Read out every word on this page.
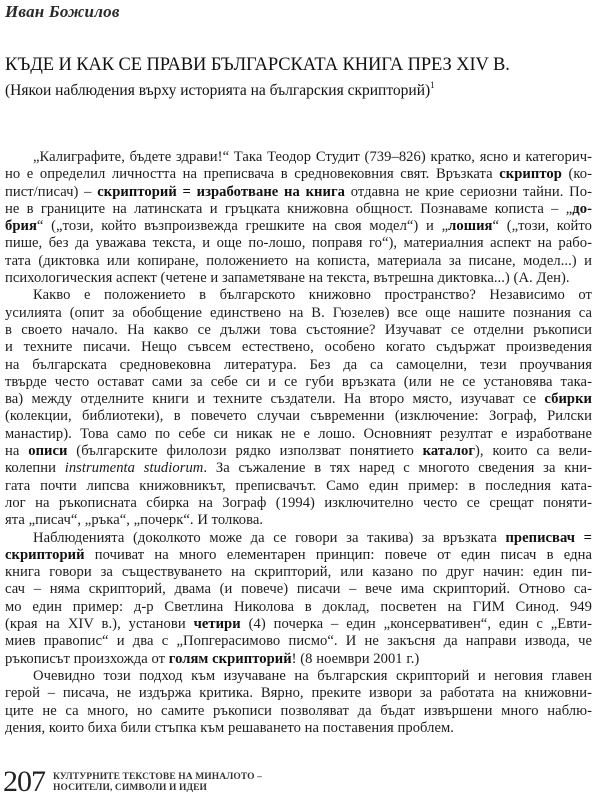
Иван Божилов
КЪДЕ И КАК СЕ ПРАВИ БЪЛГАРСКАТА КНИГА ПРЕЗ XIV В.
(Някои наблюдения върху историята на българския скрипторий)$^1$
„Калиграфите, бъдете здрави!“ Така Теодор Студит (739–826) кратко, ясно и категорич-
но е определил личността на преписвача в средновековния свят. Връзката скриптор (ко-
пист/писач) – скрипторий = изработване на книга отдавна не крие сериозни тайни. По-
не в границите на латинската и гръцката книжовна общност. Познаваме кописта – „до-
брия“ („този, който възпроизвежда грешките на своя модел“) и „лошия“ („този, който
пише, без да уважава текста, и още по-лошо, поправя го“), материалния аспект на рабо-
тата (диктовка или копиране, положението на кописта, материала за писане, модел...) и
психологическия аспект (четене и запаметяване на текста, вътрешна диктовка...) (А. Ден).
Какво е положението в българското книжовно пространство? Независимо от
усилията (опит за обобщение единствено на В. Гюзелев) все още нашите познания са
в своето начало. На какво се дължи това състояние? Изучават се отделни ръкописи
и техните писачи. Нещо съвсем естествено, особено когато съдържат произведения
на българската средновековна литература. Без да са самоцелни, тези проучвания
твърде често остават сами за себе си и се губи връзката (или не се установява така-
ва) между отделните книги и техните създатели. На второ място, изучават се сбирки
(колекции, библиотеки), в повечето случаи съвременни (изключение: Зограф, Рилски
манастир). Това само по себе си никак не е лошо. Основният резултат е изработване
на описи (българските филолози рядко използват понятието каталог), които са вели-
колепни instrumenta studiorum. За съжаление в тях наред с многото сведения за кни-
гата почти липсва книжовникът, преписвачът. Само един пример: в последния ката-
лог на ръкописната сбирка на Зограф (1994) изключително често се срещат поняти-
ята „писач“, „ръка“, „почерк“. И толкова.
Наблюденията (доколкото може да се говори за такива) за връзката преписвач =
скрипторий почиват на много елементарен принцип: повече от един писач в една
книга говори за съществуването на скрипторий, или казано по друг начин: един пи-
сач – няма скрипторий, двама (и повече) писачи – вече има скрипторий. Отново са-
мо един пример: д-р Светлина Николова в доклад, посветен на ГИМ Синод. 949
(края на XIV в.), установи четири (4) почерка – един „консервативен“, един с „Евти-
миев правопис“ и два с „Попгерасимово писмо“. И не закъсня да направи извода, че
ръкописът произхожда от голям скрипторий! (8 ноември 2001 г.)
Очевидно този подход към изучаване на българския скрипторий и неговия главен
герой – писача, не издържа критика. Вярно, преките извори за работата на книжовни-
ците не са много, но самите ръкописи позволяват да бъдат извършени много наблю-
дения, които биха били стъпка към решаването на поставения проблем.
207 КУЛТУРНИТЕ ТЕКСТОВЕ НА МИНАЛОТО –
НОСИТЕЛИ, СИМВОЛИ И ИДЕИ
